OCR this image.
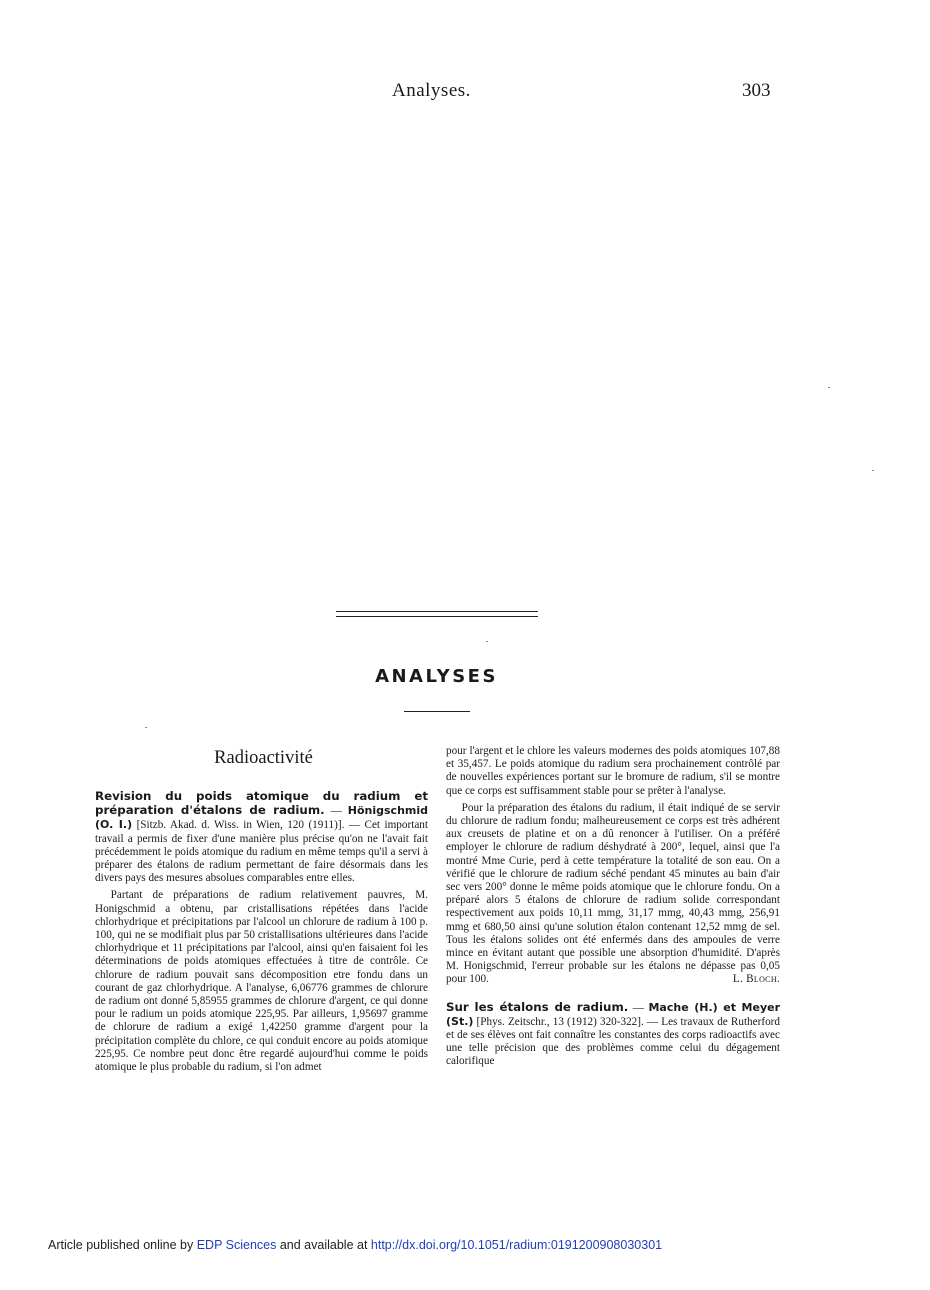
Analyses.	303
ANALYSES
Radioactivité

Revision du poids atomique du radium et préparation d'étalons de radium. — Hönigschmid (O. I.) [Sitzb. Akad. d. Wiss. in Wien, 120 (1911)]. — Cet important travail a permis de fixer d'une manière plus précise qu'on ne l'avait fait précédemment le poids atomique du radium en même temps qu'il a servi à préparer des étalons de radium permettant de faire désormais dans les divers pays des mesures absolues comparables entre elles.

Partant de préparations de radium relativement pauvres, M. Honigschmid a obtenu, par cristallisations répétées dans l'acide chlorhydrique et précipitations par l'alcool un chlorure de radium à 100 p. 100, qui ne se modifiait plus par 50 cristallisations ultérieures dans l'acide chlorhydrique et 11 précipitations par l'alcool, ainsi qu'en faisaient foi les déterminations de poids atomiques effectuées à titre de contrôle. Ce chlorure de radium pouvait sans décomposition etre fondu dans un courant de gaz chlorhydrique. A l'analyse, 6,06776 grammes de chlorure de radium ont donné 5,85955 grammes de chlorure d'argent, ce qui donne pour le radium un poids atomique 225,95. Par ailleurs, 1,95697 gramme de chlorure de radium a exigé 1,42250 gramme d'argent pour la précipitation complète du chlore, ce qui conduit encore au poids atomique 225,95. Ce nombre peut donc être regardé aujourd'hui comme le poids atomique le plus probable du radium, si l'on admet

pour l'argent et le chlore les valeurs modernes des poids atomiques 107,88 et 35,457. Le poids atomique du radium sera prochainement contrôlé par de nouvelles expériences portant sur le bromure de radium, s'il se montre que ce corps est suffisamment stable pour se prêter à l'analyse.

Pour la préparation des étalons du radium, il était indiqué de se servir du chlorure de radium fondu; malheureusement ce corps est très adhérent aux creusets de platine et on a dû renoncer à l'utiliser. On a préféré employer le chlorure de radium déshydraté à 200°, lequel, ainsi que l'a montré Mme Curie, perd à cette température la totalité de son eau. On a vérifié que le chlorure de radium séché pendant 45 minutes au bain d'air sec vers 200° donne le même poids atomique que le chlorure fondu. On a préparé alors 5 étalons de chlorure de radium solide correspondant respectivement aux poids 10,11 mmg, 31,17 mmg, 40,43 mmg, 256,91 mmg et 680,50 ainsi qu'une solution étalon contenant 12,52 mmg de sel. Tous les étalons solides ont été enfermés dans des ampoules de verre mince en évitant autant que possible une absorption d'humidité. D'après M. Honigschmid, l'erreur probable sur les étalons ne dépasse pas 0,05 pour 100.	L. Bloch.

Sur les étalons de radium. — Mache (H.) et Meyer (St.) [Phys. Zeitschr., 13 (1912) 320-322]. — Les travaux de Rutherford et de ses élèves ont fait connaître les constantes des corps radioactifs avec une telle précision que des problèmes comme celui du dégagement calorifique

Article published online by EDP Sciences and available at http://dx.doi.org/10.1051/radium:0191200908030301
